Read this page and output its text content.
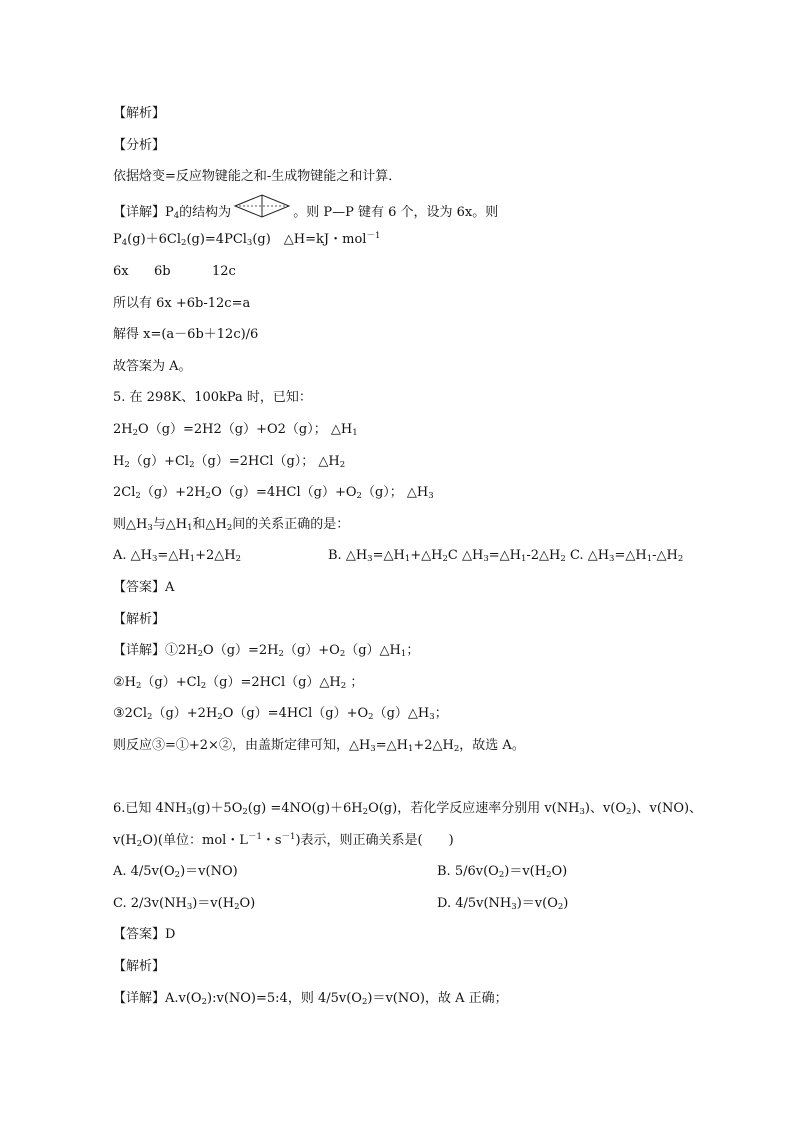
【解析】
【分析】
依据焓变=反应物键能之和-生成物键能之和计算．
【详解】$P_4$的结构为	。则 P—P 键有 6 个，设为 6x。则
$P_4(g)+6Cl_2(g)=4PCl_3(g)$　△H=kJ・mol$^{-1}$
6x 6b	12c
所以有 6x +6b-12c=a
解得 x=(a－6b＋12c)/6
故答案为 A。
5. 在 298K、100kPa 时，已知：
$2H_2O(g)=2H2(g)+O2(g)$； $\triangle H_1$
$H_2(g)+Cl_2(g)=2HCl(g)$； $\triangle H_2$
$2Cl_2(g)+2H_2O(g)=4HCl(g)+O_2(g)$； $\triangle H_3$
则$\triangle H_3$与$\triangle H_1$和$\triangle H_2$间的关系正确的是：
A. $\triangle H_3=\triangle H_1+2\triangle H_2$	B. $\triangle H_3=\triangle H_1+\triangle H_2C$ $\triangle H_3=\triangle H_1-2\triangle H_2$ C. $\triangle H_3=\triangle H_1-\triangle H_2$
【答案】A
【解析】
【详解】$①2H_2O(g)=2H_2(g)+O_2(g)\triangle H_1$；
$②H_2(g)+Cl_2(g)=2HCl(g)\triangle H_2$ ；
$③2Cl_2(g)+2H_2O(g)=4HCl(g)+O_2(g)\triangle H_3$；
则反应③=①+2×②，由盖斯定律可知，$\triangle H_3=\triangle H_1+2\triangle H_2$，故选 A。
6.已知 $4NH_3(g)+5O_2(g) =4NO(g)+6H_2O(g)$，若化学反应速率分别用 $v(NH_3)$、$v(O_2)$、v(NO)、
$v(H_2O)$(单位：mol・$L^{-1}$・$s^{-1}$)表示，则正确关系是(　　)
A. $4/5v(O_2)=v(NO)$	B. $5/6v(O_2)=v(H_2O)$
C. $2/3v(NH_3)=v(H_2O)$	D. $4/5v(NH_3)=v(O_2)$
【答案】D
【解析】
【详解】$A.v(O_2):v(NO)=5:4$，则 $4/5v(O_2)=v(NO)$，故 A 正确；
